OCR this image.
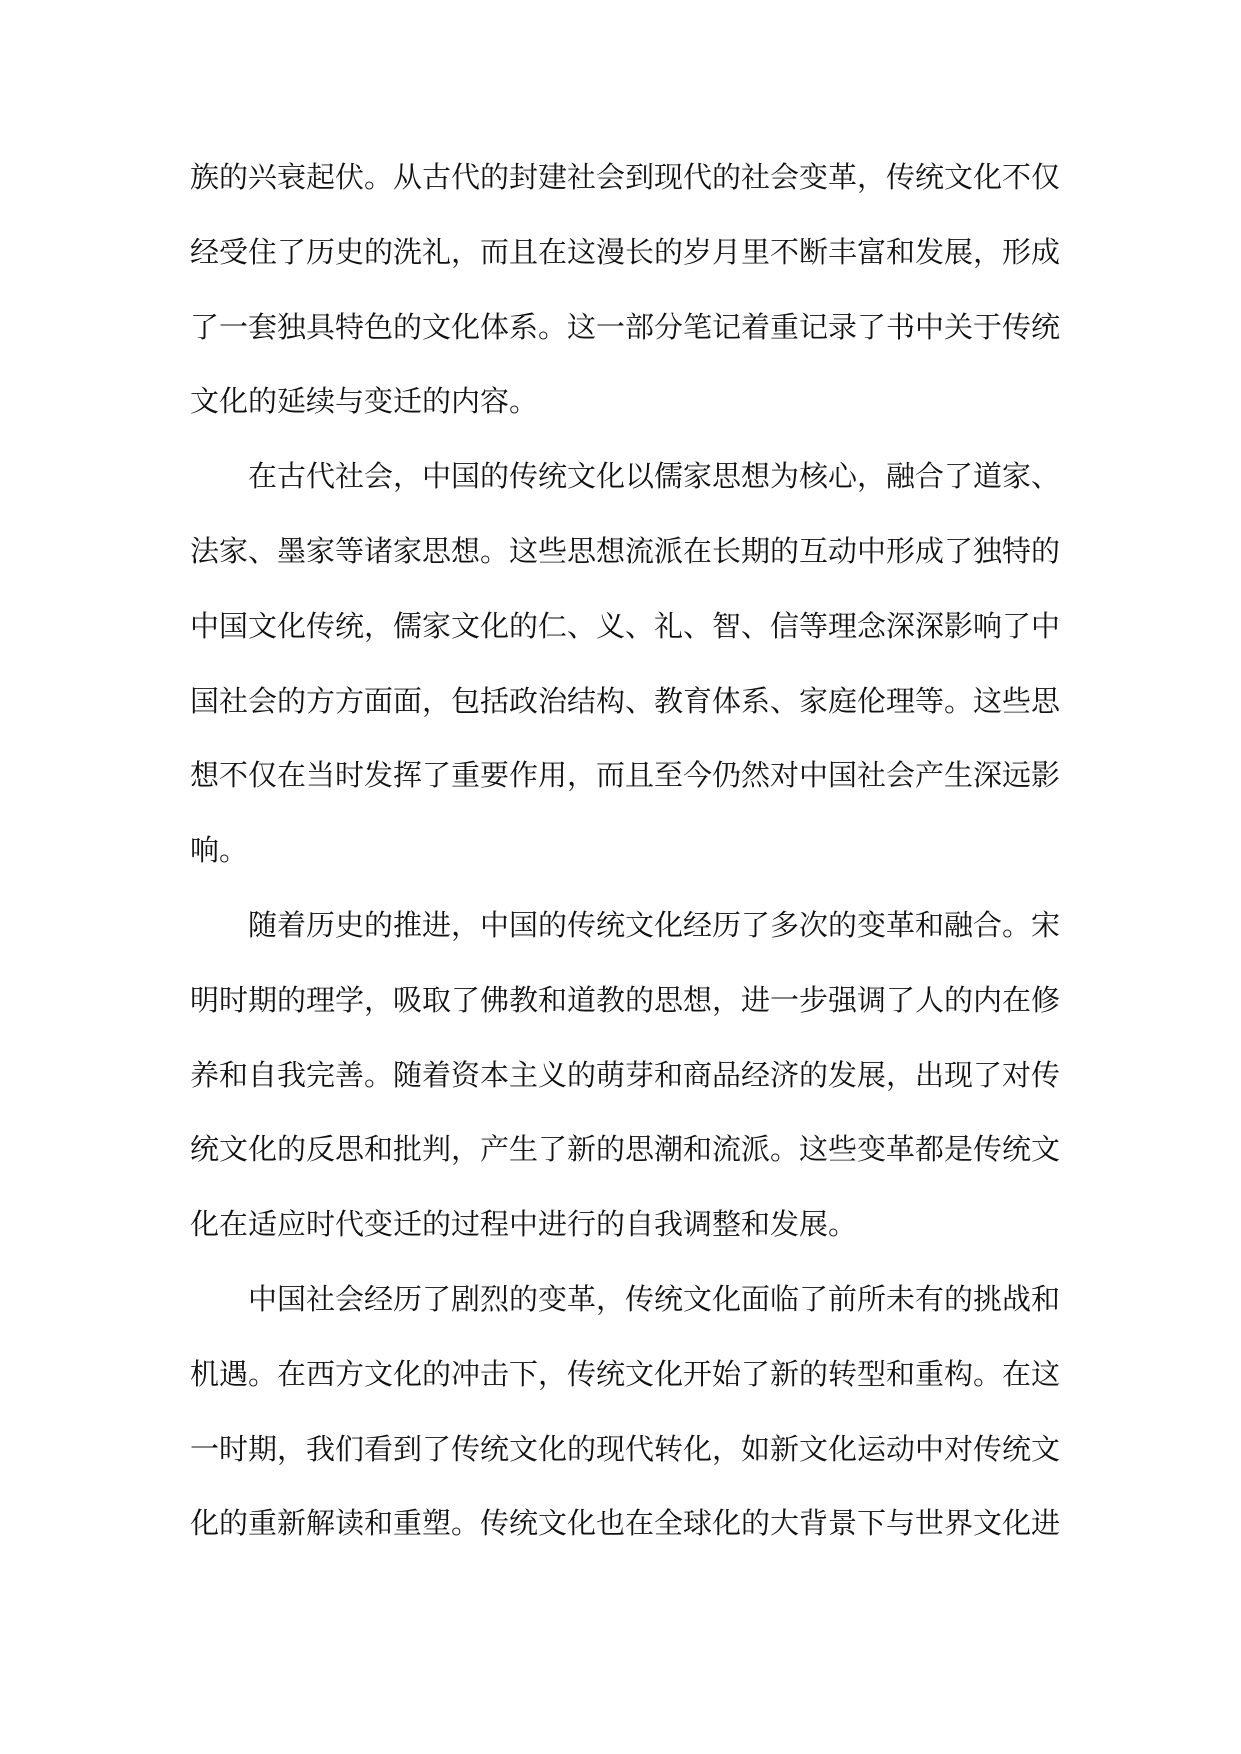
族的兴衰起伏。从古代的封建社会到现代的社会变革，传统文化不仅
经受住了历史的洗礼，而且在这漫长的岁月里不断丰富和发展，形成
了一套独具特色的文化体系。这一部分笔记着重记录了书中关于传统
文化的延续与变迁的内容。
在古代社会，中国的传统文化以儒家思想为核心，融合了道家、
法家、墨家等诸家思想。这些思想流派在长期的互动中形成了独特的
中国文化传统，儒家文化的仁、义、礼、智、信等理念深深影响了中
国社会的方方面面，包括政治结构、教育体系、家庭伦理等。这些思
想不仅在当时发挥了重要作用，而且至今仍然对中国社会产生深远影
响。
随着历史的推进，中国的传统文化经历了多次的变革和融合。宋
明时期的理学，吸取了佛教和道教的思想，进一步强调了人的内在修
养和自我完善。随着资本主义的萌芽和商品经济的发展，出现了对传
统文化的反思和批判，产生了新的思潮和流派。这些变革都是传统文
化在适应时代变迁的过程中进行的自我调整和发展。
中国社会经历了剧烈的变革，传统文化面临了前所未有的挑战和
机遇。在西方文化的冲击下，传统文化开始了新的转型和重构。在这
一时期，我们看到了传统文化的现代转化，如新文化运动中对传统文
化的重新解读和重塑。传统文化也在全球化的大背景下与世界文化进
